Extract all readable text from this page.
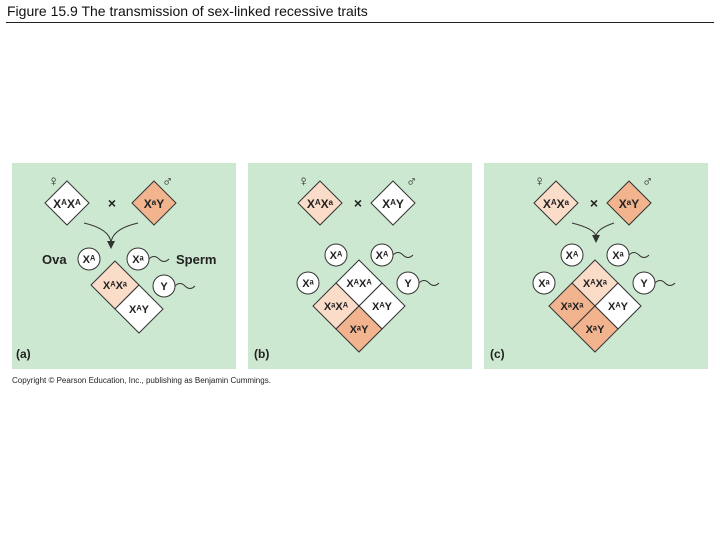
Figure 15.9 The transmission of sex-linked recessive traits
♀	♂
XᴬXᴬ	XᵃY
×
Ova	Sperm
Xᴬ	Xᵃ
Y
XᴬXᵃ
XᴬY
(a)
♀	♂
XᴬXᵃ	XᴬY
×
Xᴬ
Xᵃ
Xᴬ
Y
XᴬXᴬ
XᴬY
XᵃXᴬ
XᵃY
(b)
♀	♂
XᴬXᵃ	XᵃY
×
Xᴬ
Xᵃ
Xᵃ
Y
XᴬXᵃ
XᴬY
XᵃXᵃ
XᵃY
(c)
Copyright © Pearson Education, Inc., publishing as Benjamin Cummings.
